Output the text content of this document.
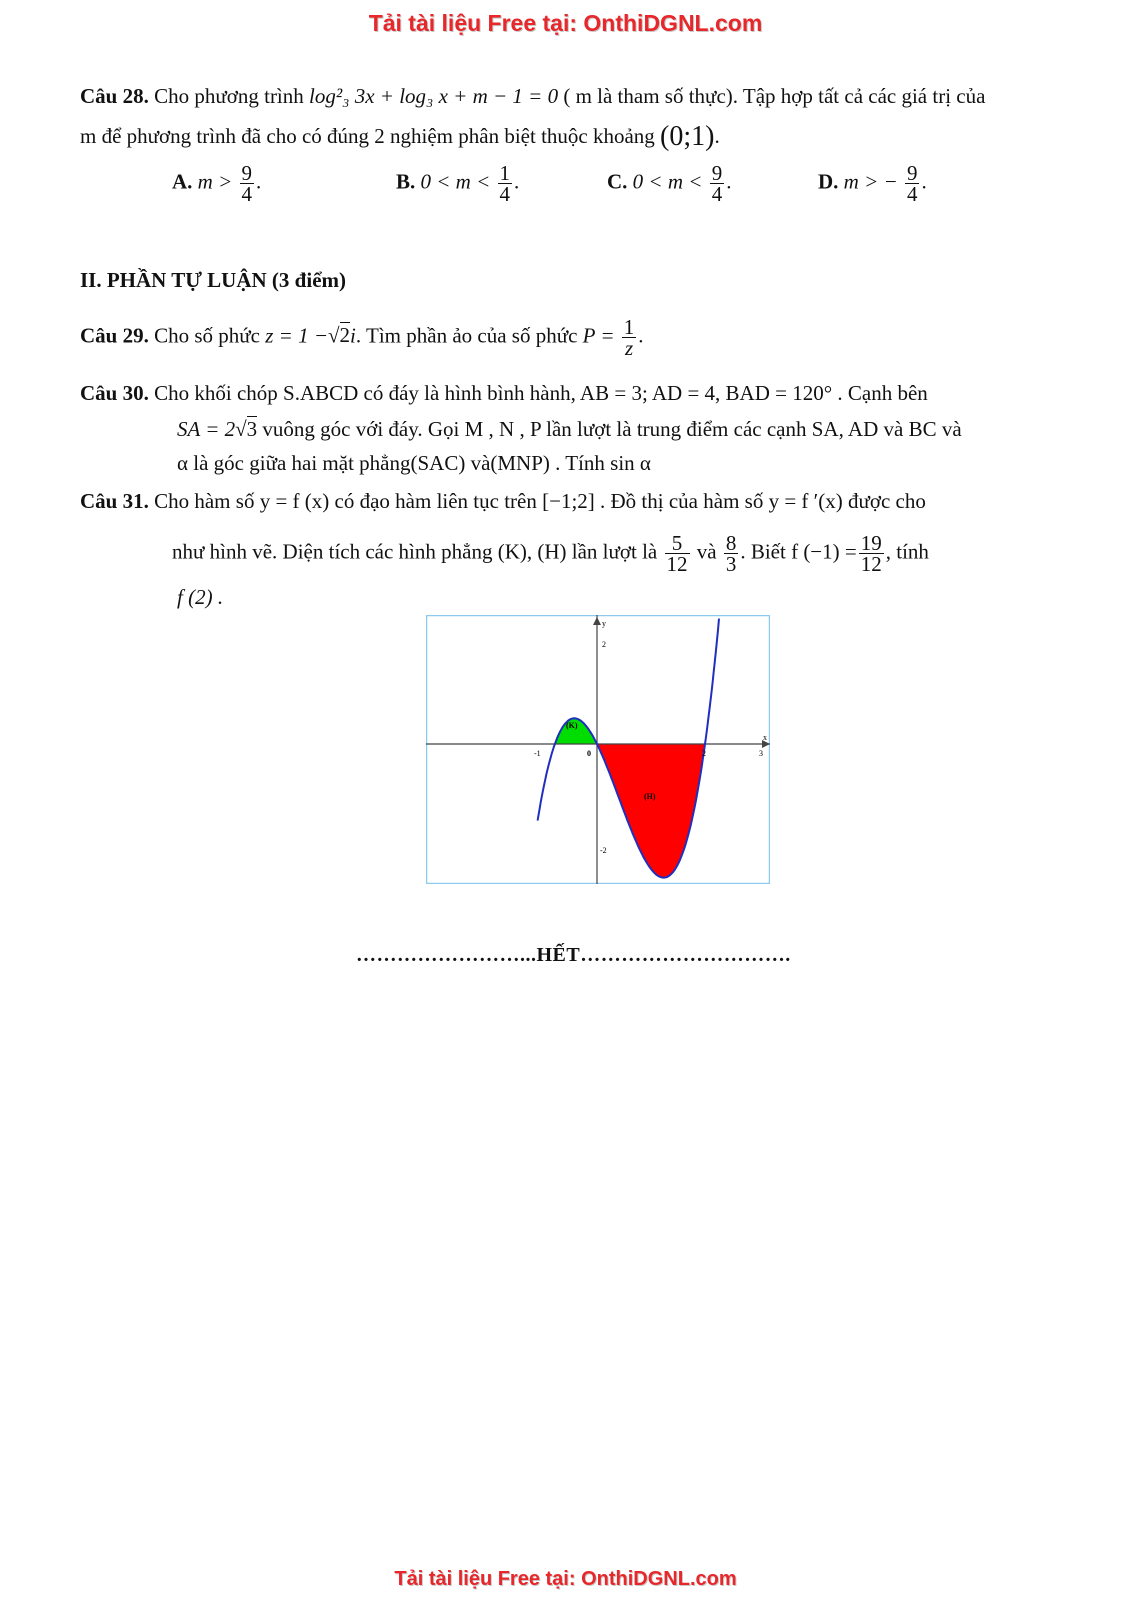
Tải tài liệu Free tại: OnthiDGNL.com
Câu 28. Cho phương trình log²₃ 3x + log₃ x + m − 1 = 0 ( m là tham số thực). Tập hợp tất cả các giá trị của
m để phương trình đã cho có đúng 2 nghiệm phân biệt thuộc khoảng (0;1).
A. $m > \frac{9}{4}$ .	B. $0 < m < \frac{1}{4}$ .	C. $0 < m < \frac{9}{4}$ .	D. m > − $\frac{9}{4}$ .
II. PHẦN TỰ LUẬN (3 điểm)
Câu 29. Cho số phức z = 1 −√2i. Tìm phần ảo của số phức $P = \frac{1}{z}$ .
Câu 30. Cho khối chóp S.ABCD có đáy là hình bình hành, AB = 3; AD = 4, BAD = 120° . Cạnh bên
SA = 2√3 vuông góc với đáy. Gọi M , N , P lần lượt là trung điểm các cạnh SA, AD và BC và
α là góc giữa hai mặt phẳng(SAC) và(MNP) . Tính sin α
Câu 31. Cho hàm số y = f (x) có đạo hàm liên tục trên [−1;2] . Đồ thị của hàm số y = f ′(x) được cho
như hình vẽ. Diện tích các hình phẳng (K), (H) lần lượt là $\frac{5}{12}$ và $\frac{8}{3}$ . Biết f $(-1) = \frac{19}{12}$ , tính
f (2) .
(K)
(H)
2
-2
-1	0	2	3
x
y
……………………...HẾT………………………….
Tải tài liệu Free tại: OnthiDGNL.com
